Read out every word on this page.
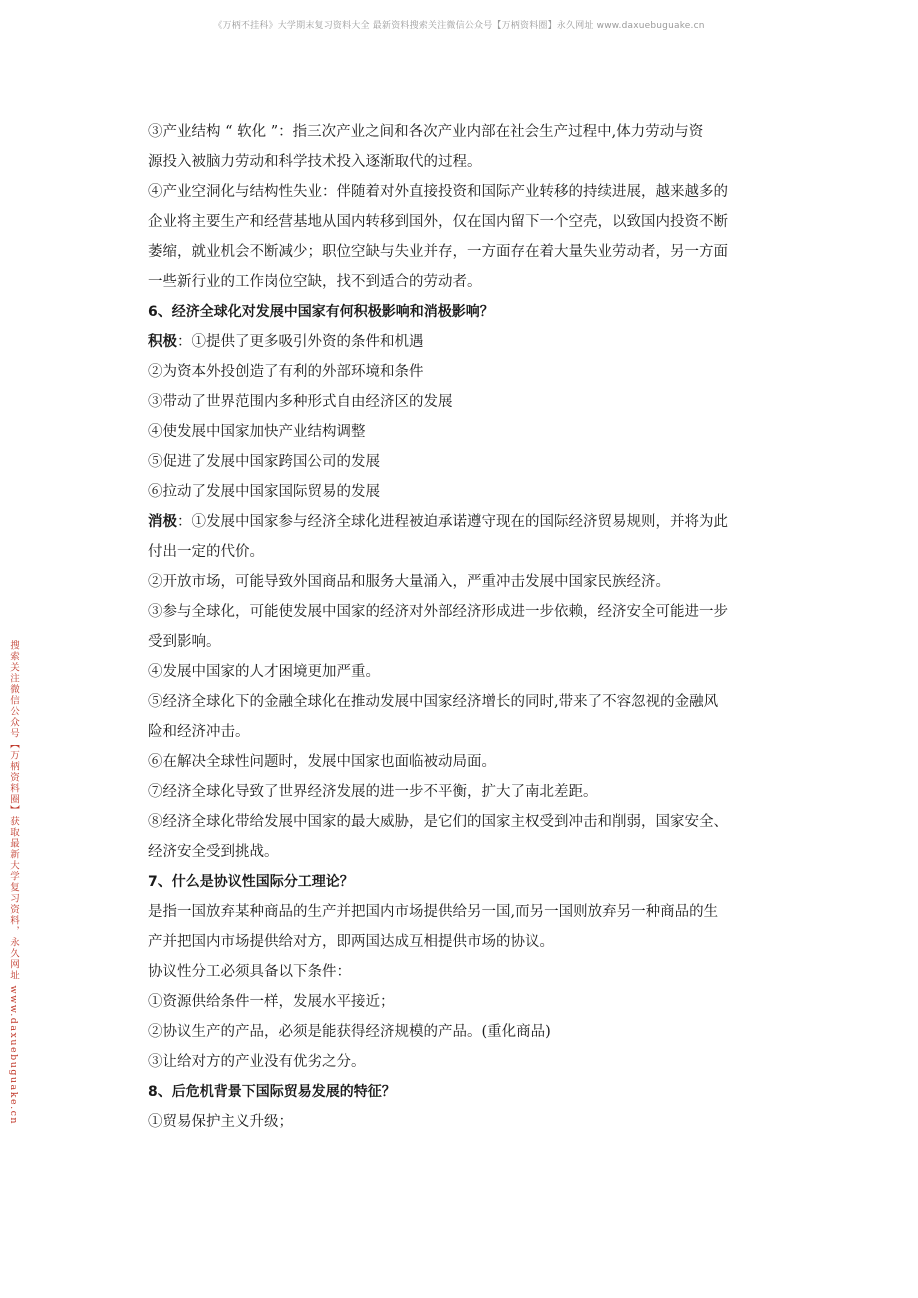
《万柄不挂科》大学期末复习资料大全 最新资料搜索关注微信公众号【万柄资料圈】永久网址 www.daxuebuguake.cn
搜索关注微信公众号【万柄资料圈】获取最新大学复习资料，永久网址 www.daxuebuguake.cn
③产业结构 “ 软化 ”：指三次产业之间和各次产业内部在社会生产过程中,体力劳动与资
源投入被脑力劳动和科学技术投入逐渐取代的过程。
④产业空洞化与结构性失业：伴随着对外直接投资和国际产业转移的持续进展，越来越多的
企业将主要生产和经营基地从国内转移到国外，仅在国内留下一个空壳，以致国内投资不断
萎缩，就业机会不断减少；职位空缺与失业并存，一方面存在着大量失业劳动者，另一方面
一些新行业的工作岗位空缺，找不到适合的劳动者。
6、经济全球化对发展中国家有何积极影响和消极影响？
积极：①提供了更多吸引外资的条件和机遇
②为资本外投创造了有利的外部环境和条件
③带动了世界范围内多种形式自由经济区的发展
④使发展中国家加快产业结构调整
⑤促进了发展中国家跨国公司的发展
⑥拉动了发展中国家国际贸易的发展
消极：①发展中国家参与经济全球化进程被迫承诺遵守现在的国际经济贸易规则，并将为此
付出一定的代价。
②开放市场，可能导致外国商品和服务大量涌入，严重冲击发展中国家民族经济。
③参与全球化，可能使发展中国家的经济对外部经济形成进一步依赖，经济安全可能进一步
受到影响。
④发展中国家的人才困境更加严重。
⑤经济全球化下的金融全球化在推动发展中国家经济增长的同时,带来了不容忽视的金融风
险和经济冲击。
⑥在解决全球性问题时，发展中国家也面临被动局面。
⑦经济全球化导致了世界经济发展的进一步不平衡，扩大了南北差距。
⑧经济全球化带给发展中国家的最大威胁，是它们的国家主权受到冲击和削弱，国家安全、
经济安全受到挑战。
7、什么是协议性国际分工理论？
是指一国放弃某种商品的生产并把国内市场提供给另一国,而另一国则放弃另一种商品的生
产并把国内市场提供给对方，即两国达成互相提供市场的协议。
协议性分工必须具备以下条件：
①资源供给条件一样，发展水平接近；
②协议生产的产品，必须是能获得经济规模的产品。(重化商品)
③让给对方的产业没有优劣之分。
8、后危机背景下国际贸易发展的特征？
①贸易保护主义升级；
